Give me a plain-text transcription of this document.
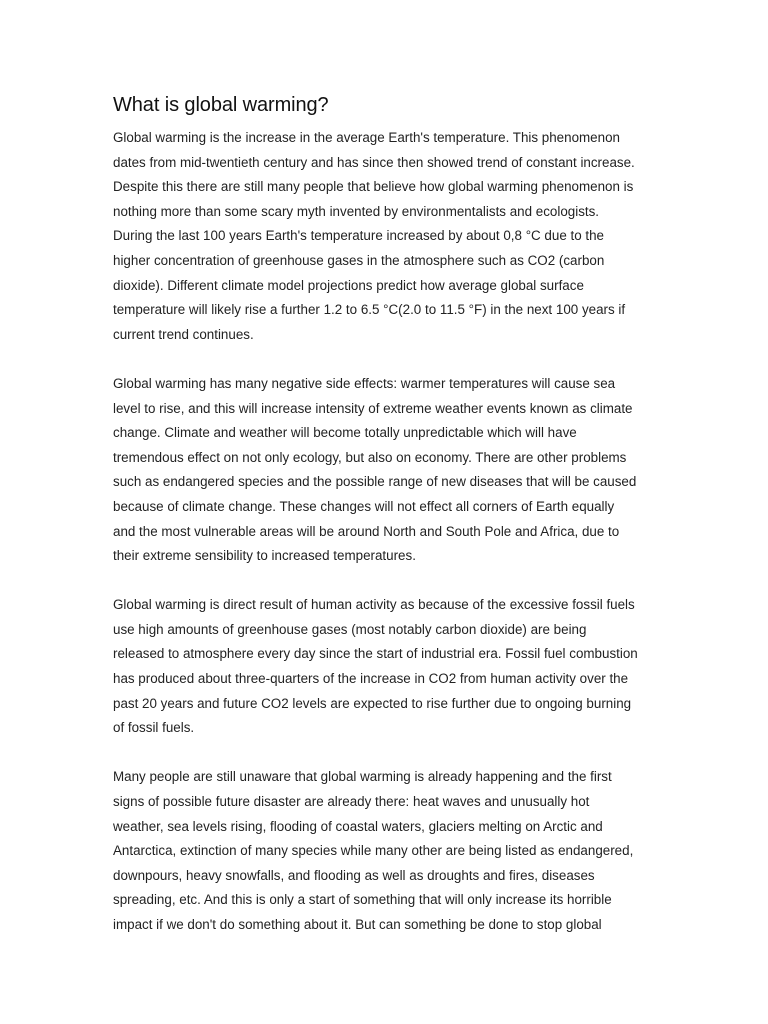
What is global warming?

Global warming is the increase in the average Earth's temperature. This phenomenon
dates from mid-twentieth century and has since then showed trend of constant increase.
Despite this there are still many people that believe how global warming phenomenon is
nothing more than some scary myth invented by environmentalists and ecologists.
During the last 100 years Earth's temperature increased by about 0,8 °C due to the
higher concentration of greenhouse gases in the atmosphere such as CO2 (carbon
dioxide). Different climate model projections predict how average global surface
temperature will likely rise a further 1.2 to 6.5 °C(2.0 to 11.5 °F) in the next 100 years if
current trend continues.

Global warming has many negative side effects: warmer temperatures will cause sea
level to rise, and this will increase intensity of extreme weather events known as climate
change. Climate and weather will become totally unpredictable which will have
tremendous effect on not only ecology, but also on economy. There are other problems
such as endangered species and the possible range of new diseases that will be caused
because of climate change. These changes will not effect all corners of Earth equally
and the most vulnerable areas will be around North and South Pole and Africa, due to
their extreme sensibility to increased temperatures.

Global warming is direct result of human activity as because of the excessive fossil fuels
use high amounts of greenhouse gases (most notably carbon dioxide) are being
released to atmosphere every day since the start of industrial era. Fossil fuel combustion
has produced about three-quarters of the increase in CO2 from human activity over the
past 20 years and future CO2 levels are expected to rise further due to ongoing burning
of fossil fuels.

Many people are still unaware that global warming is already happening and the first
signs of possible future disaster are already there: heat waves and unusually hot
weather, sea levels rising, flooding of coastal waters, glaciers melting on Arctic and
Antarctica, extinction of many species while many other are being listed as endangered,
downpours, heavy snowfalls, and flooding as well as droughts and fires, diseases
spreading, etc. And this is only a start of something that will only increase its horrible
impact if we don't do something about it. But can something be done to stop global
